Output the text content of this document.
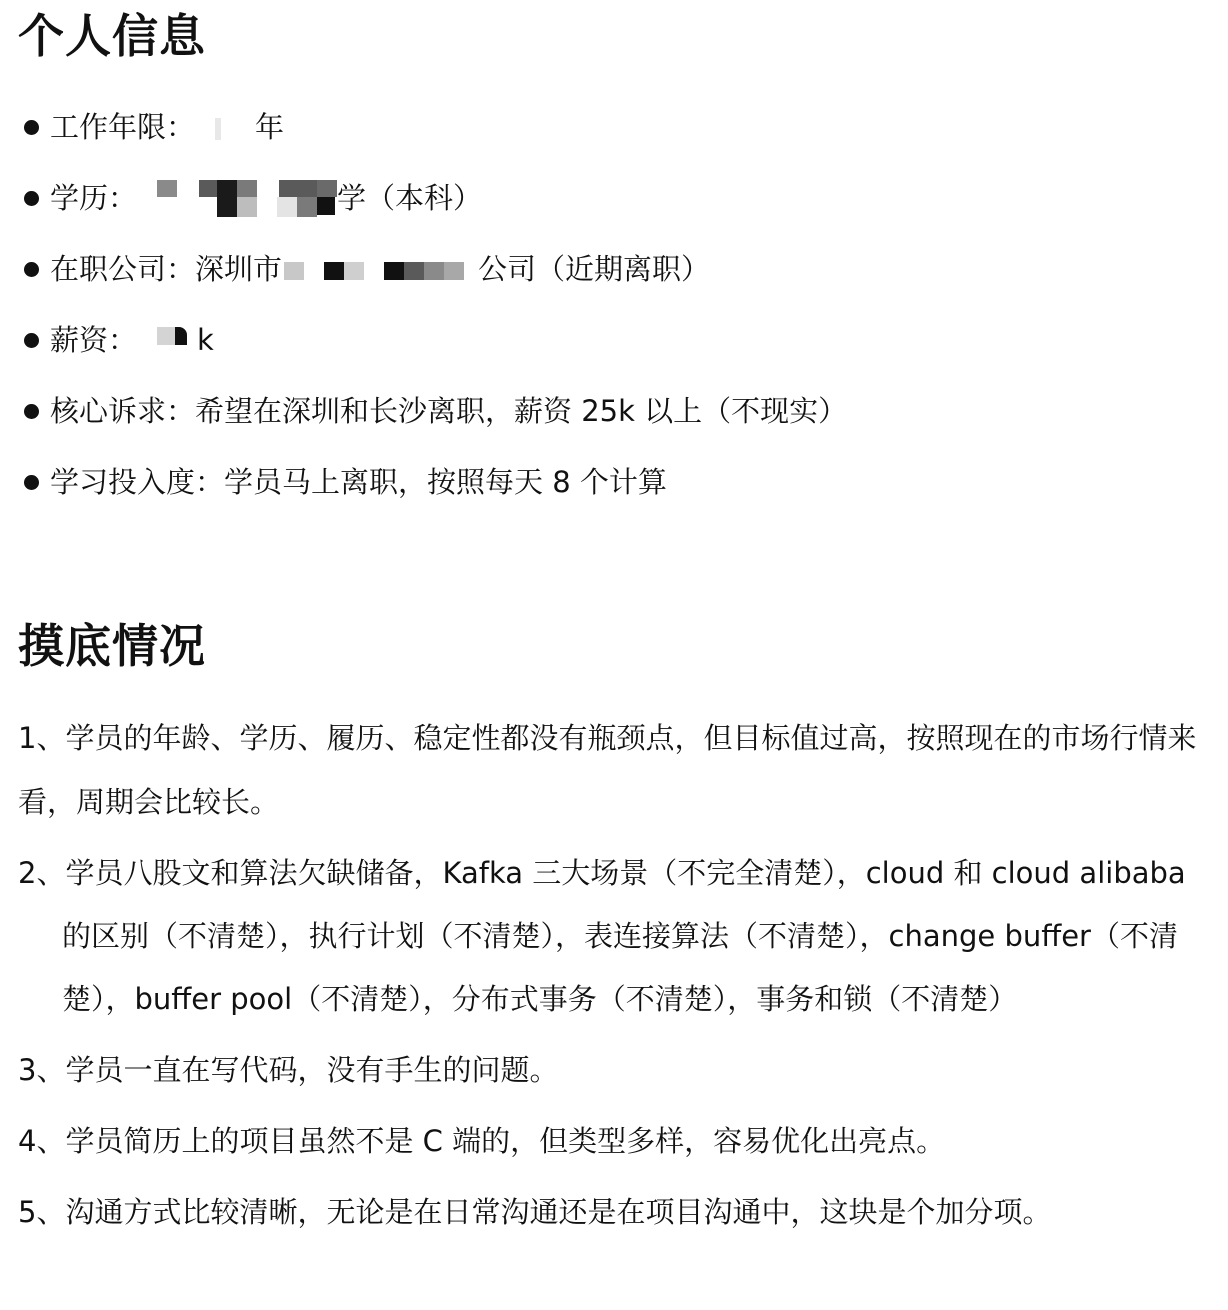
个人信息
工作年限： 年
学历：	学（本科）
在职公司：深圳市	公司（近期离职）
薪资： k
核心诉求：希望在深圳和长沙离职，薪资 25k 以上（不现实）
学习投入度：学员马上离职，按照每天 8 个计算
摸底情况
1、学员的年龄、学历、履历、稳定性都没有瓶颈点，但目标值过高，按照现在的市场行情来看，周期会比较长。
2、学员八股文和算法欠缺储备，Kafka 三大场景（不完全清楚），cloud 和 cloud alibaba 的区别（不清楚），执行计划（不清楚），表连接算法（不清楚），change buffer（不清楚），buffer pool（不清楚），分布式事务（不清楚），事务和锁（不清楚）
3、学员一直在写代码，没有手生的问题。
4、学员简历上的项目虽然不是 C 端的，但类型多样，容易优化出亮点。
5、沟通方式比较清晰，无论是在日常沟通还是在项目沟通中，这块是个加分项。
